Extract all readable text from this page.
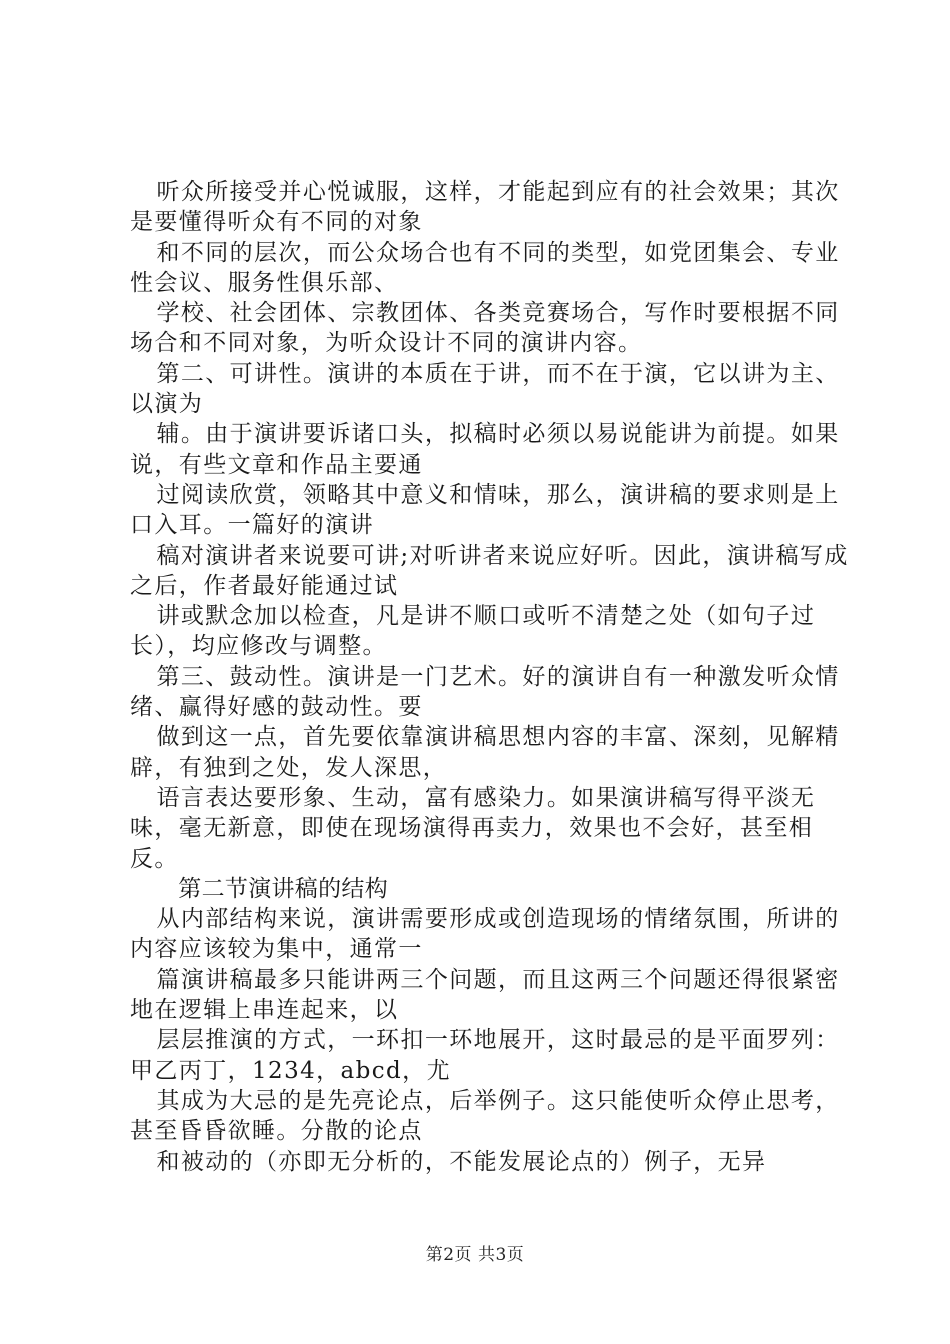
听众所接受并心悦诚服，这样，才能起到应有的社会效果；其次是要懂得听众有不同的对象

和不同的层次，而公众场合也有不同的类型，如党团集会、专业性会议、服务性俱乐部、

学校、社会团体、宗教团体、各类竞赛场合，写作时要根据不同场合和不同对象，为听众设计不同的演讲内容。

第二、可讲性。演讲的本质在于讲，而不在于演，它以讲为主、以演为

辅。由于演讲要诉诸口头，拟稿时必须以易说能讲为前提。如果说，有些文章和作品主要通

过阅读欣赏，领略其中意义和情味，那么，演讲稿的要求则是上口入耳。一篇好的演讲

稿对演讲者来说要可讲;对听讲者来说应好听。因此，演讲稿写成之后，作者最好能通过试

讲或默念加以检查，凡是讲不顺口或听不清楚之处（如句子过长），均应修改与调整。

第三、鼓动性。演讲是一门艺术。好的演讲自有一种激发听众情绪、赢得好感的鼓动性。要

做到这一点，首先要依靠演讲稿思想内容的丰富、深刻，见解精辟，有独到之处，发人深思，

语言表达要形象、生动，富有感染力。如果演讲稿写得平淡无味，毫无新意，即使在现场演得再卖力，效果也不会好，甚至相反。

第二节演讲稿的结构

从内部结构来说，演讲需要形成或创造现场的情绪氛围，所讲的内容应该较为集中，通常一

篇演讲稿最多只能讲两三个问题，而且这两三个问题还得很紧密地在逻辑上串连起来，以

层层推演的方式，一环扣一环地展开，这时最忌的是平面罗列：甲乙丙丁，1234，abcd，尤

其成为大忌的是先亮论点，后举例子。这只能使听众停止思考，甚至昏昏欲睡。分散的论点

和被动的（亦即无分析的，不能发展论点的）例子，无异

第2页 共3页
